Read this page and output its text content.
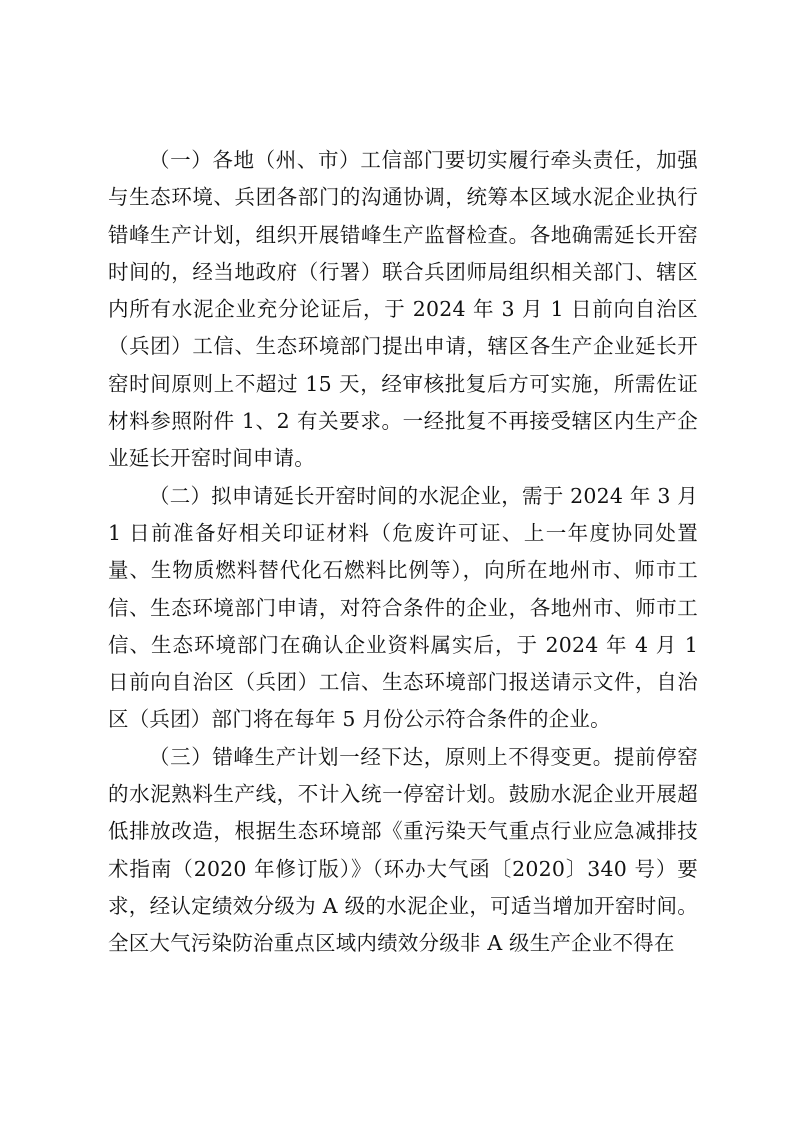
（一）各地（州、市）工信部门要切实履行牵头责任，加强与生态环境、兵团各部门的沟通协调，统筹本区域水泥企业执行错峰生产计划，组织开展错峰生产监督检查。各地确需延长开窑时间的，经当地政府（行署）联合兵团师局组织相关部门、辖区内所有水泥企业充分论证后，于 2024 年 3 月 1 日前向自治区（兵团）工信、生态环境部门提出申请，辖区各生产企业延长开窑时间原则上不超过 15 天，经审核批复后方可实施，所需佐证材料参照附件 1、2 有关要求。一经批复不再接受辖区内生产企业延长开窑时间申请。

（二）拟申请延长开窑时间的水泥企业，需于 2024 年 3 月 1 日前准备好相关印证材料（危废许可证、上一年度协同处置量、生物质燃料替代化石燃料比例等），向所在地州市、师市工信、生态环境部门申请，对符合条件的企业，各地州市、师市工信、生态环境部门在确认企业资料属实后，于 2024 年 4 月 1 日前向自治区（兵团）工信、生态环境部门报送请示文件，自治区（兵团）部门将在每年 5 月份公示符合条件的企业。

（三）错峰生产计划一经下达，原则上不得变更。提前停窑的水泥熟料生产线，不计入统一停窑计划。鼓励水泥企业开展超低排放改造，根据生态环境部《重污染天气重点行业应急减排技术指南（2020 年修订版）》（环办大气函〔2020〕340 号）要求，经认定绩效分级为 A 级的水泥企业，可适当增加开窑时间。全区大气污染防治重点区域内绩效分级非 A 级生产企业不得在
